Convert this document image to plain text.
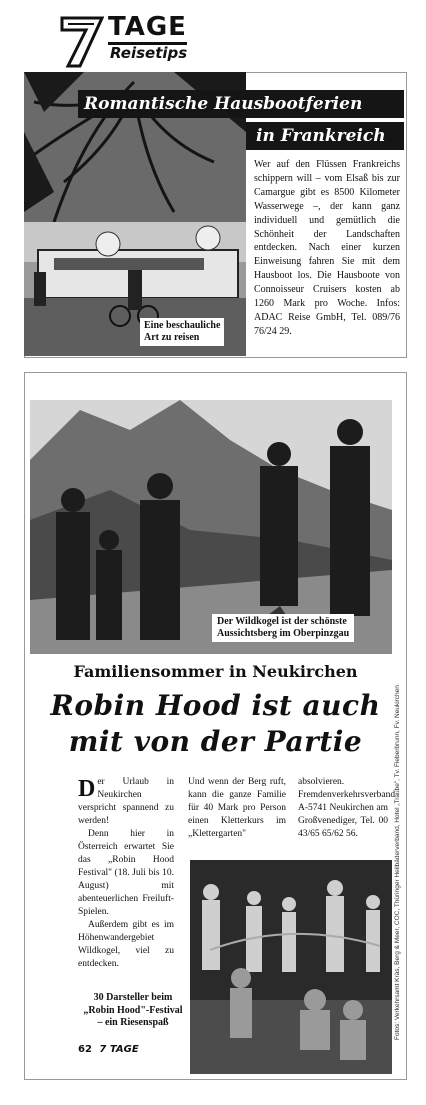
TAGE
Reisetips
Romantische Hausbootferien
in Frankreich
Wer auf den Flüssen Frankreichs schippern will – vom Elsaß bis zur Camargue gibt es 8500 Kilometer Wasserwege –, der kann ganz individuell und gemütlich die Schönheit der Landschaften entdecken. Nach einer kurzen Einweisung fahren Sie mit dem Hausboot los. Die Hausboote von Connoisseur Cruisers kosten ab 1260 Mark pro Woche. Infos: ADAC Reise GmbH, Tel. 089/76 76/24 29.
Eine beschauliche
Art zu reisen
Der Wildkogel ist der schönste
Aussichtsberg im Oberpinzgau
Fotos: Verkehrsamt Kräs, Berg & Meer, COC, Thüringer Heilbäderverband, Hotel „Traube", Tv. Fieberbrunn, Fv. Neukirchen
Familiensommer in Neukirchen
Robin Hood ist auch
mit von der Partie

Der Urlaub in Neukirchen verspricht spannend zu werden!

Denn hier in Österreich erwartet Sie das „Robin Hood Festival" (18. Juli bis 10. August) mit abenteuerlichen Freiluft-Spielen.

Außerdem gibt es im Höhenwandergebiet Wildkogel, viel zu entdecken.

Und wenn der Berg ruft, kann die ganze Familie für 40 Mark pro Person einen Kletterkurs im „Klettergarten"

absolvieren. Fremdenverkehrsverband A-5741 Neukirchen am Großvenediger, Tel. 00 43/65 65/62 56.

30 Darsteller beim
„Robin Hood"-Festival
– ein Riesenspaß
62 7 TAGE
